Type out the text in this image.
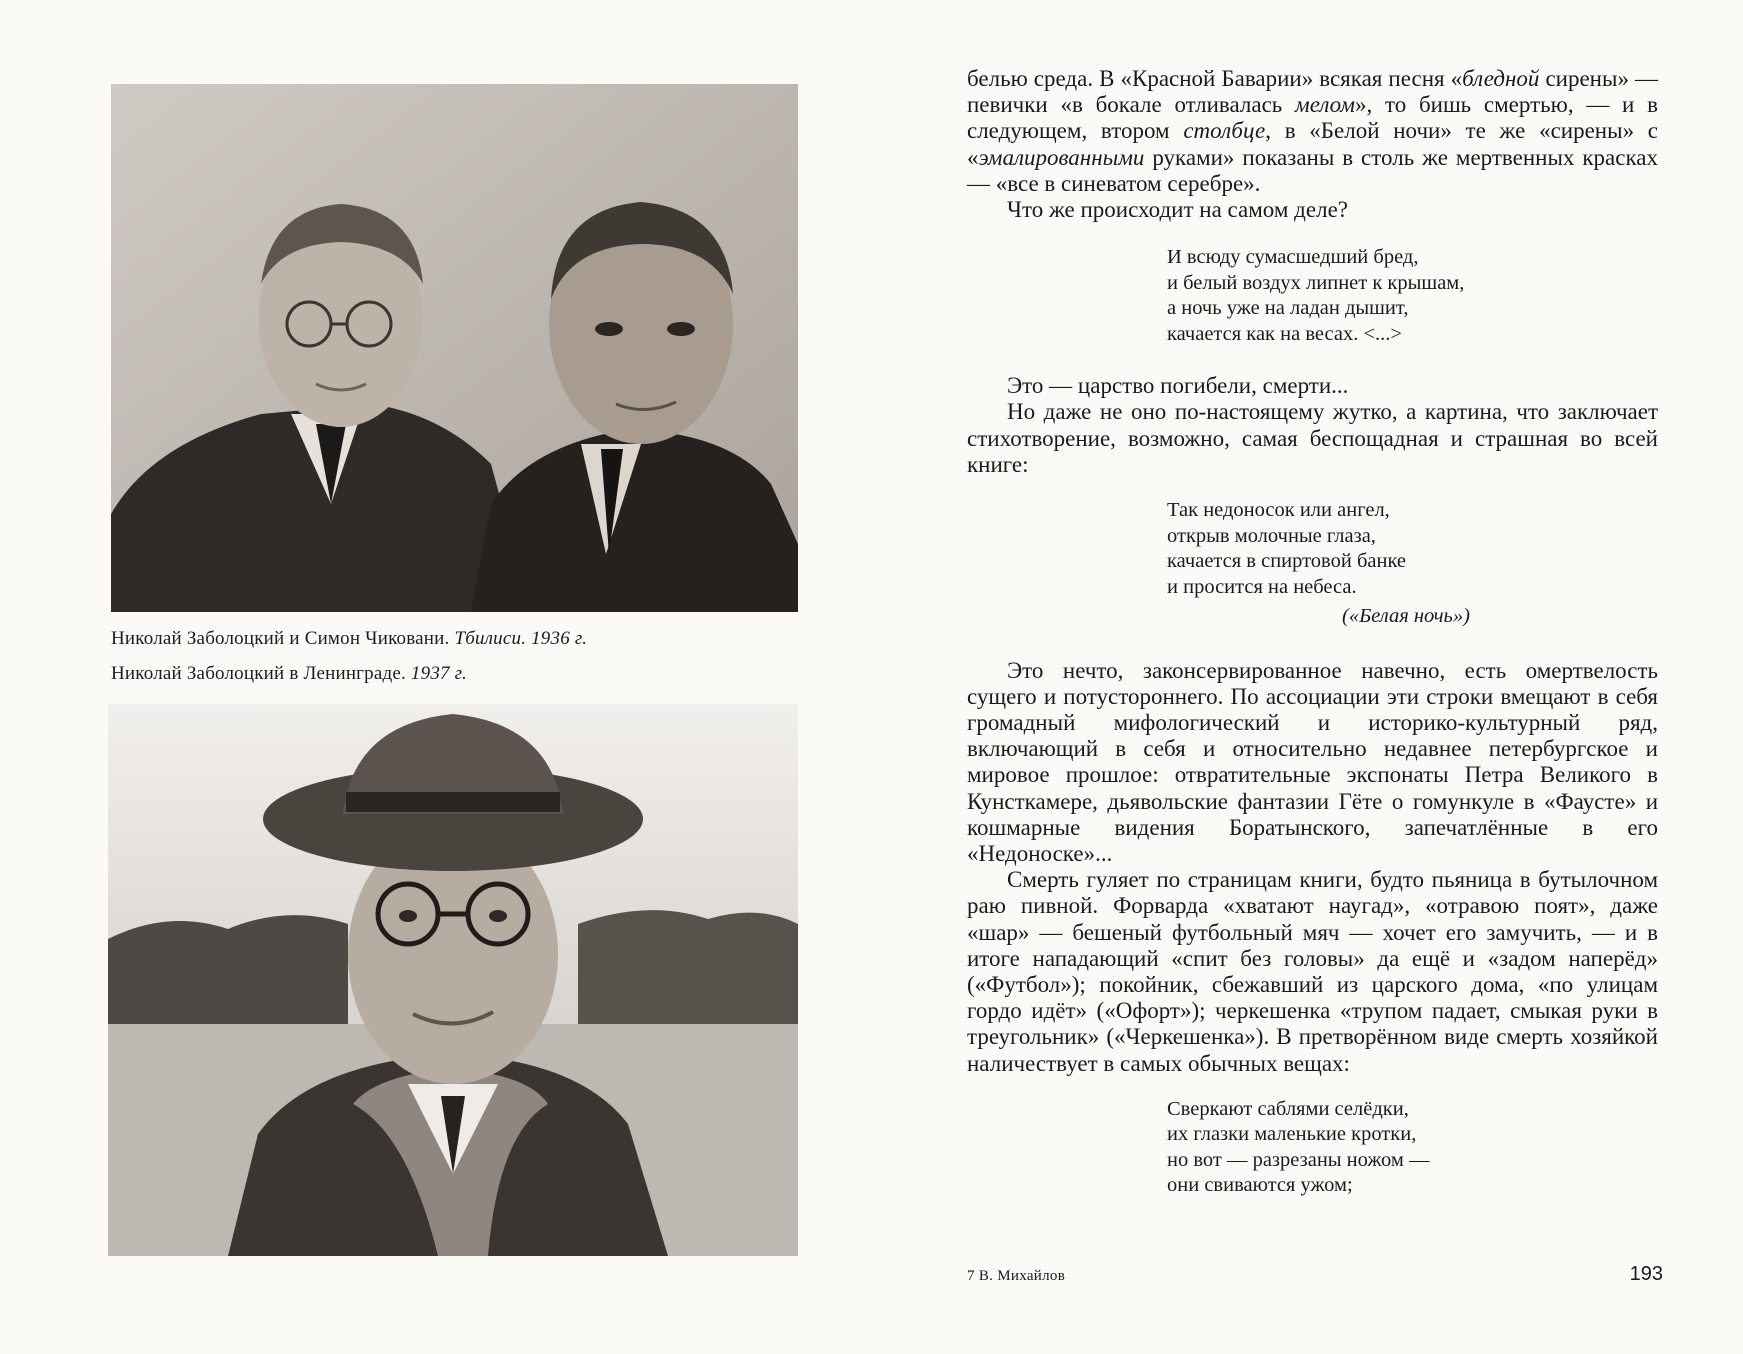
Николай Заболоцкий и Симон Чиковани. Тбилиси. 1936 г.
Николай Заболоцкий в Ленинграде. 1937 г.

белью среда. В «Красной Баварии» всякая песня «бледной сирены» — певички «в бокале отливалась мелом», то бишь смертью, — и в следующем, втором столбце, в «Белой ночи» те же «сирены» с «эмалированными руками» показаны в столь же мертвенных красках — «все в синеватом серебре».

Что же происходит на самом деле?

И всюду сумасшедший бред,
и белый воздух липнет к крышам,
а ночь уже на ладан дышит,
качается как на весах. <...>

Это — царство погибели, смерти...

Но даже не оно по-настоящему жутко, а картина, что заключает стихотворение, возможно, самая беспощадная и страшная во всей книге:

Так недоносок или ангел,
открыв молочные глаза,
качается в спиртовой банке
и просится на небеса.
(«Белая ночь»)

Это нечто, законсервированное навечно, есть омертвелость сущего и потустороннего. По ассоциации эти строки вмещают в себя громадный мифологический и историко-культурный ряд, включающий в себя и относительно недавнее петербургское и мировое прошлое: отвратительные экспонаты Петра Великого в Кунсткамере, дьявольские фантазии Гёте о гомункуле в «Фаусте» и кошмарные видения Боратынского, запечатлённые в его «Недоноске»...

Смерть гуляет по страницам книги, будто пьяница в бутылочном раю пивной. Форварда «хватают наугад», «отравою поят», даже «шар» — бешеный футбольный мяч — хочет его замучить, — и в итоге нападающий «спит без головы» да ещё и «задом наперёд» («Футбол»); покойник, сбежавший из царского дома, «по улицам гордо идёт» («Офорт»); черкешенка «трупом падает, смыкая руки в треугольник» («Черкешенка»). В претворённом виде смерть хозяйкой наличествует в самых обычных вещах:

Сверкают саблями селёдки,
их глазки маленькие кротки,
но вот — разрезаны ножом —
они свиваются ужом;
7 В. Михайлов	193
